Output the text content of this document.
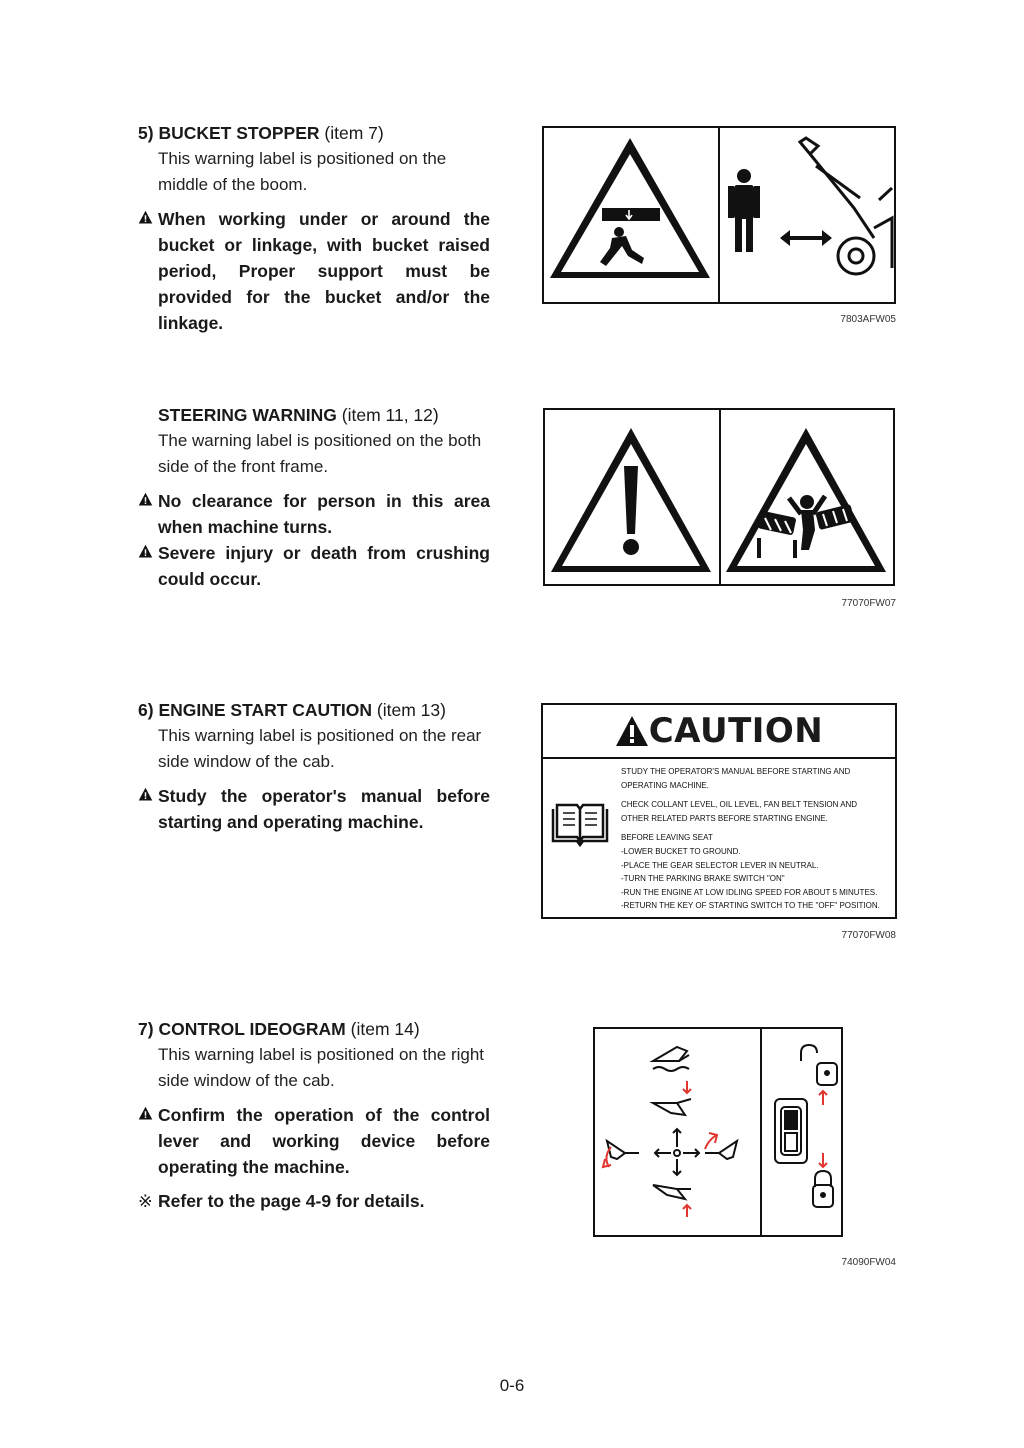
5) BUCKET STOPPER (item 7)

This warning label is positioned on the middle of the boom.

When working under or around the bucket or linkage, with bucket raised period, Proper support must be provided for the bucket and/or the linkage.	7803AFW05

STEERING WARNING (item 11, 12)

The warning label is positioned on the both side of the front frame.

No clearance for person in this area when machine turns.
Severe injury or death from crushing could occur.
77070FW07

6) ENGINE START CAUTION (item 13)

This warning label is positioned on the rear side window of the cab.

Study the operator's manual before starting and operating machine.
CAUTION
STUDY THE OPERATOR'S MANUAL BEFORE STARTING AND
OPERATING MACHINE.
CHECK COLLANT LEVEL, OIL LEVEL, FAN BELT TENSION AND
OTHER RELATED PARTS BEFORE STARTING ENGINE.
BEFORE LEAVING SEAT
-LOWER BUCKET TO GROUND.
-PLACE THE GEAR SELECTOR LEVER IN NEUTRAL.
-TURN THE PARKING BRAKE SWITCH "ON"
-RUN THE ENGINE AT LOW IDLING SPEED FOR ABOUT 5 MINUTES.
-RETURN THE KEY OF STARTING SWITCH TO THE "OFF" POSITION.
77070FW08

7) CONTROL IDEOGRAM (item 14)

This warning label is positioned on the right side window of the cab.

Confirm the operation of the control lever and working device before operating the machine.
※ Refer to the page 4-9 for details.
74090FW04
0-6
